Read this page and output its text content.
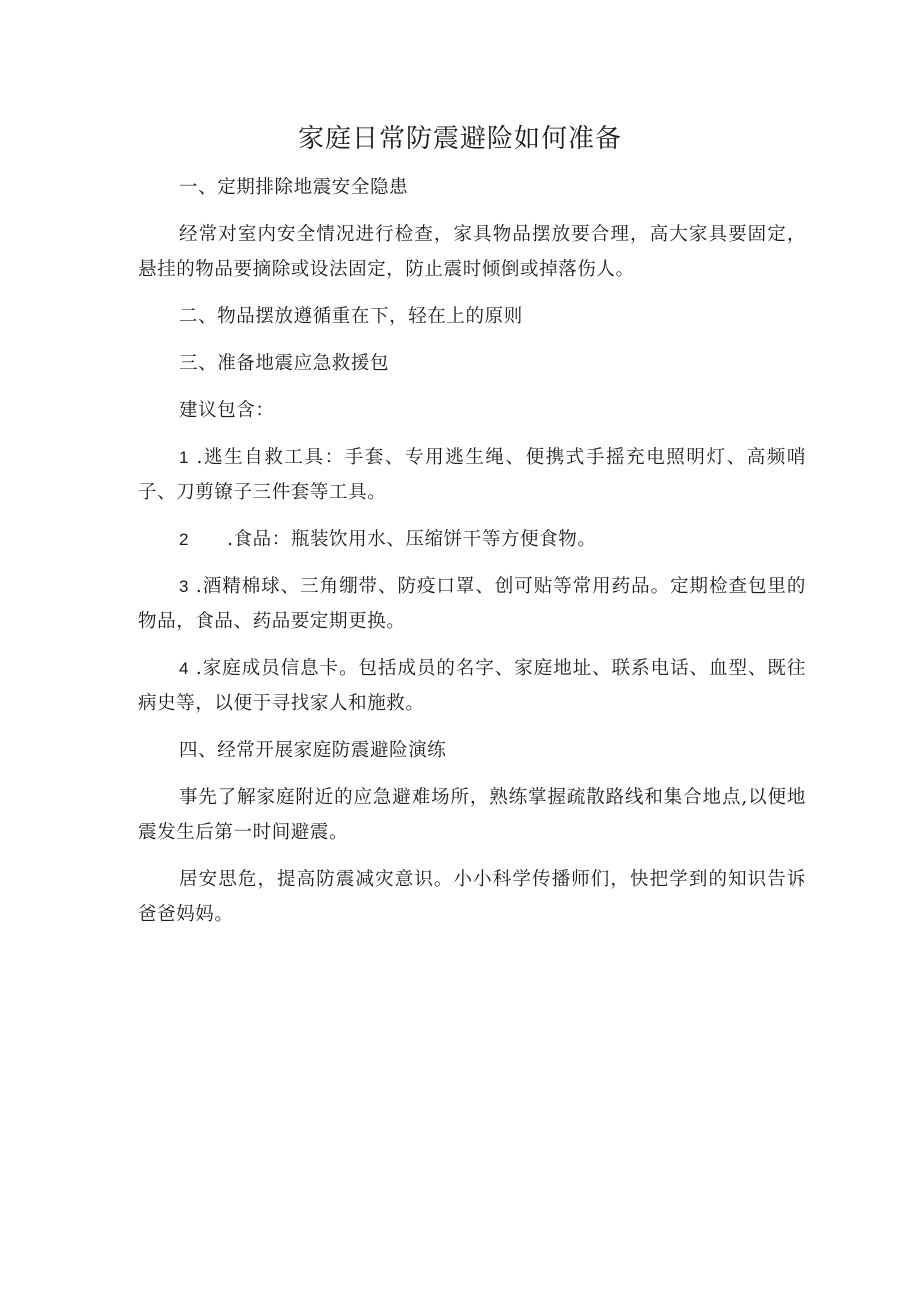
家庭日常防震避险如何准备

一、定期排除地震安全隐患

经常对室内安全情况进行检查，家具物品摆放要合理，高大家具要固定，悬挂的物品要摘除或设法固定，防止震时倾倒或掉落伤人。

二、物品摆放遵循重在下，轻在上的原则

三、准备地震应急救援包

建议包含：

1 .逃生自救工具：手套、专用逃生绳、便携式手摇充电照明灯、高频哨子、刀剪镣子三件套等工具。

2 .食品：瓶装饮用水、压缩饼干等方便食物。

3 .酒精棉球、三角绷带、防疫口罩、创可贴等常用药品。定期检查包里的物品，食品、药品要定期更换。

4 .家庭成员信息卡。包括成员的名字、家庭地址、联系电话、血型、既往病史等，以便于寻找家人和施救。

四、经常开展家庭防震避险演练

事先了解家庭附近的应急避难场所，熟练掌握疏散路线和集合地点,以便地震发生后第一时间避震。

居安思危，提高防震减灾意识。小小科学传播师们，快把学到的知识告诉爸爸妈妈。
